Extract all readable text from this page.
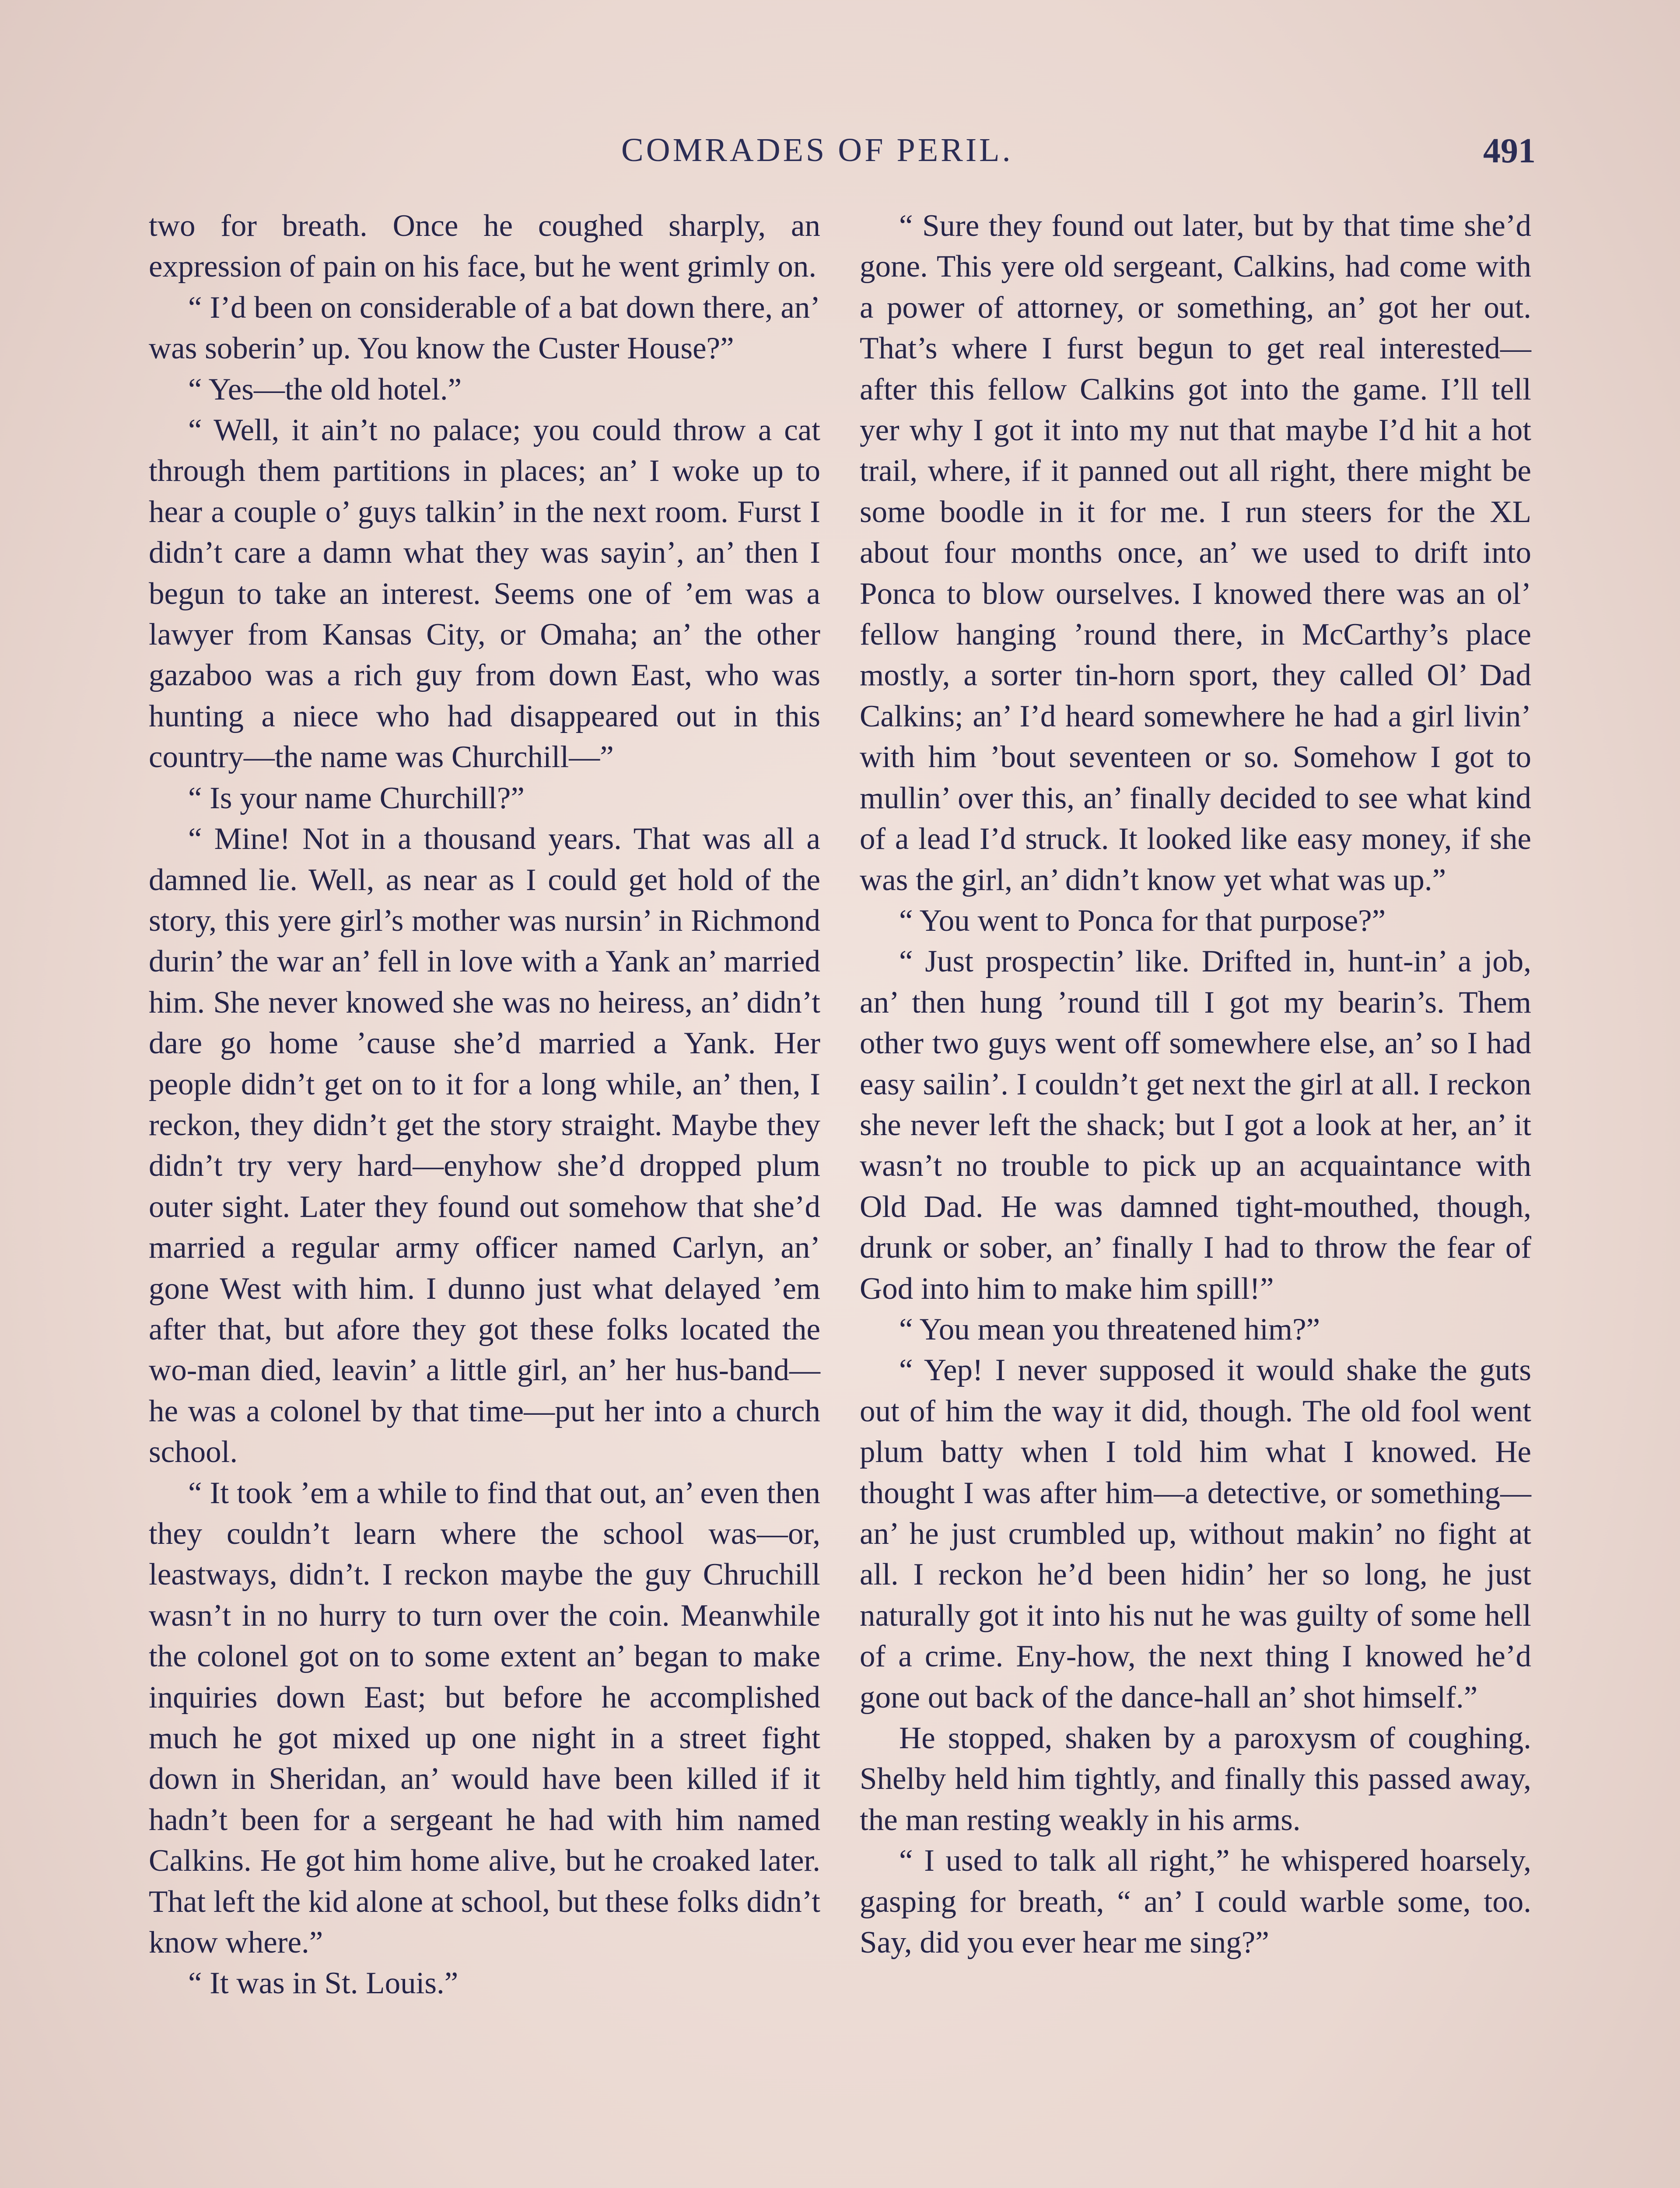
COMRADES OF PERIL.	491

two for breath. Once he coughed sharply, an expression of pain on his face, but he went grimly on.

“ I’d been on considerable of a bat down there, an’ was soberin’ up. You know the Custer House?”

“ Yes—the old hotel.”

“ Well, it ain’t no palace; you could throw a cat through them partitions in places; an’ I woke up to hear a couple o’ guys talkin’ in the next room. Furst I didn’t care a damn what they was sayin’, an’ then I begun to take an interest. Seems one of ’em was a lawyer from Kansas City, or Omaha; an’ the other gazaboo was a rich guy from down East, who was hunting a niece who had disappeared out in this country—the name was Churchill—”

“ Is your name Churchill?”

“ Mine! Not in a thousand years. That was all a damned lie. Well, as near as I could get hold of the story, this yere girl’s mother was nursin’ in Richmond durin’ the war an’ fell in love with a Yank an’ married him. She never knowed she was no heiress, an’ didn’t dare go home ’cause she’d married a Yank. Her people didn’t get on to it for a long while, an’ then, I reckon, they didn’t get the story straight. Maybe they didn’t try very hard—enyhow she’d dropped plum outer sight. Later they found out somehow that she’d married a regular army officer named Carlyn, an’ gone West with him. I dunno just what delayed ’em after that, but afore they got these folks located the wo-man died, leavin’ a little girl, an’ her hus-band—he was a colonel by that time—put her into a church school.

“ It took ’em a while to find that out, an’ even then they couldn’t learn where the school was—or, leastways, didn’t. I reckon maybe the guy Chruchill wasn’t in no hurry to turn over the coin. Meanwhile the colonel got on to some extent an’ began to make inquiries down East; but before he accomplished much he got mixed up one night in a street fight down in Sheridan, an’ would have been killed if it hadn’t been for a sergeant he had with him named Calkins. He got him home alive, but he croaked later. That left the kid alone at school, but these folks didn’t know where.”

“ It was in St. Louis.”

“ Sure they found out later, but by that time she’d gone. This yere old sergeant, Calkins, had come with a power of attorney, or something, an’ got her out. That’s where I furst begun to get real interested—after this fellow Calkins got into the game. I’ll tell yer why I got it into my nut that maybe I’d hit a hot trail, where, if it panned out all right, there might be some boodle in it for me. I run steers for the XL about four months once, an’ we used to drift into Ponca to blow ourselves. I knowed there was an ol’ fellow hanging ’round there, in McCarthy’s place mostly, a sorter tin-horn sport, they called Ol’ Dad Calkins; an’ I’d heard somewhere he had a girl livin’ with him ’bout seventeen or so. Somehow I got to mullin’ over this, an’ finally decided to see what kind of a lead I’d struck. It looked like easy money, if she was the girl, an’ didn’t know yet what was up.”

“ You went to Ponca for that purpose?”

“ Just prospectin’ like. Drifted in, hunt-in’ a job, an’ then hung ’round till I got my bearin’s. Them other two guys went off somewhere else, an’ so I had easy sailin’. I couldn’t get next the girl at all. I reckon she never left the shack; but I got a look at her, an’ it wasn’t no trouble to pick up an acquaintance with Old Dad. He was damned tight-mouthed, though, drunk or sober, an’ finally I had to throw the fear of God into him to make him spill!”

“ You mean you threatened him?”

“ Yep! I never supposed it would shake the guts out of him the way it did, though. The old fool went plum batty when I told him what I knowed. He thought I was after him—a detective, or something—an’ he just crumbled up, without makin’ no fight at all. I reckon he’d been hidin’ her so long, he just naturally got it into his nut he was guilty of some hell of a crime. Eny-how, the next thing I knowed he’d gone out back of the dance-hall an’ shot himself.”

He stopped, shaken by a paroxysm of coughing. Shelby held him tightly, and finally this passed away, the man resting weakly in his arms.

“ I used to talk all right,” he whispered hoarsely, gasping for breath, “ an’ I could warble some, too. Say, did you ever hear me sing?”
